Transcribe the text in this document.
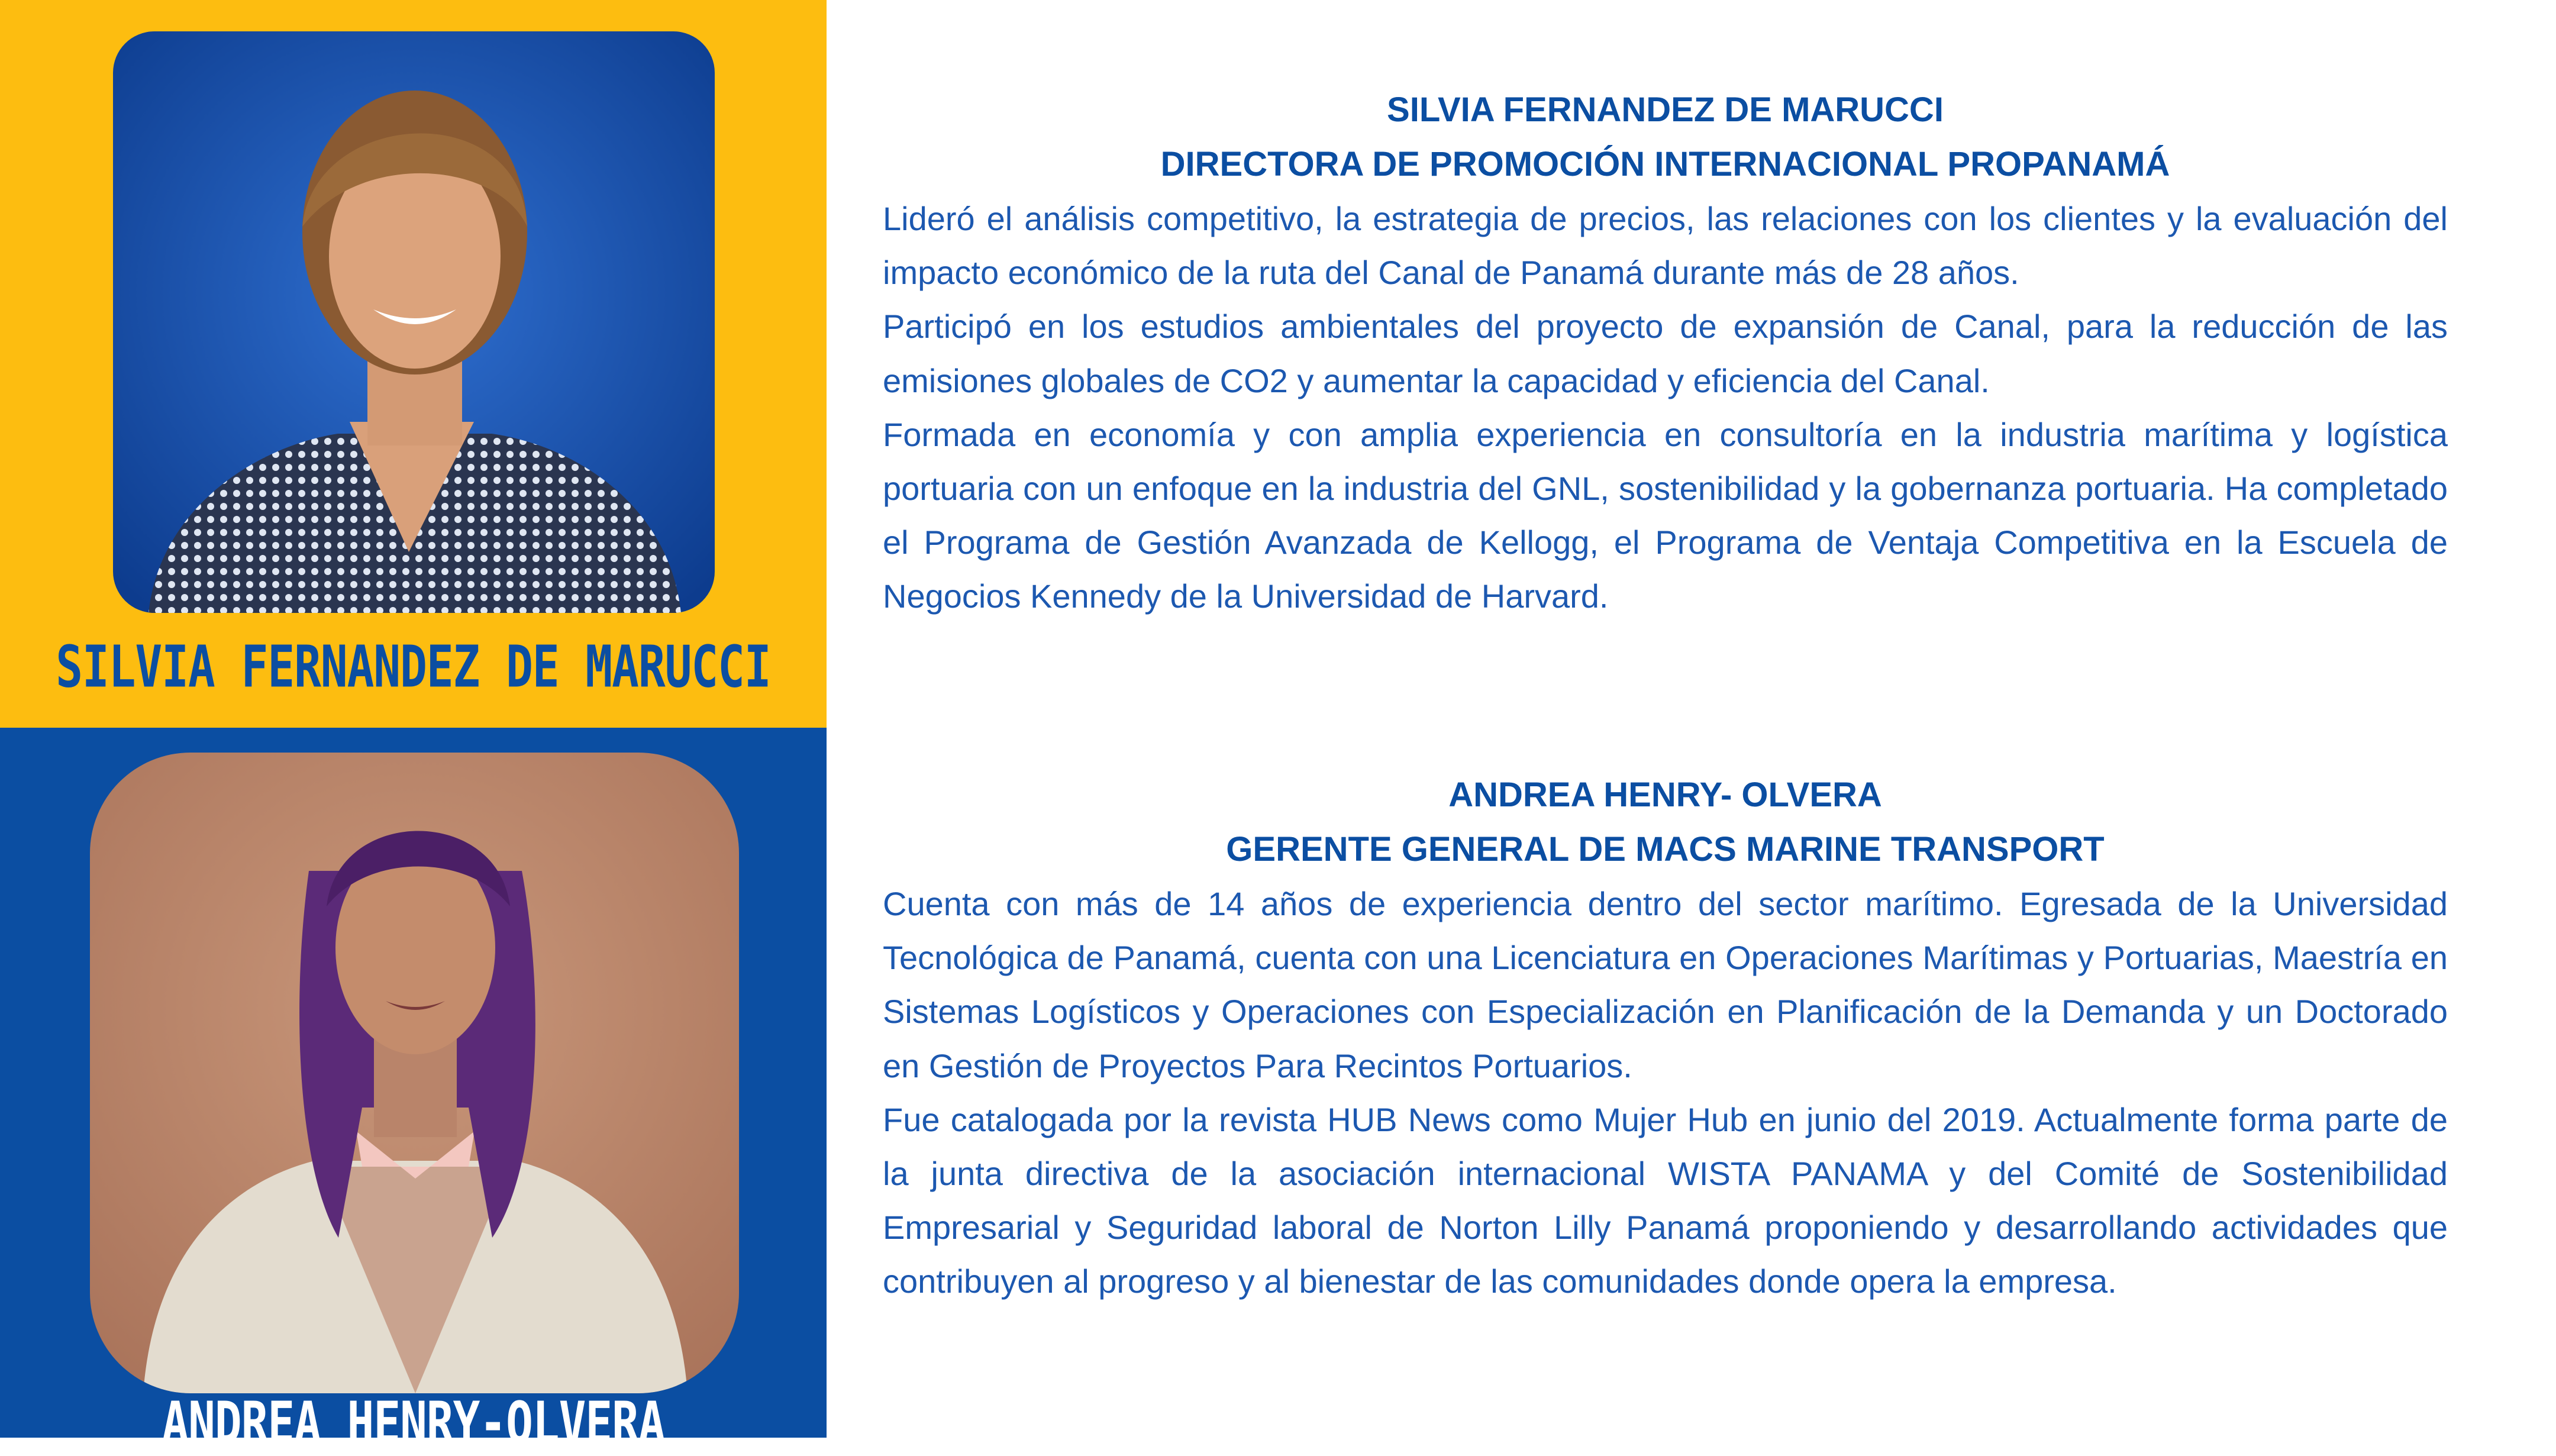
SILVIA FERNANDEZ DE MARUCCI
ANDREA HENRY-OLVERA
SILVIA FERNANDEZ DE MARUCCI
DIRECTORA DE PROMOCIÓN INTERNACIONAL PROPANAMÁ

Lideró el análisis competitivo, la estrategia de precios, las relaciones con los clientes y la evaluación del impacto económico de la ruta del Canal de Panamá durante más de 28 años.

Participó en los estudios ambientales del proyecto de expansión de Canal, para la reducción de las emisiones globales de CO2 y aumentar la capacidad y eficiencia del Canal.

Formada en economía y con amplia experiencia en consultoría en la industria marítima y logística portuaria con un enfoque en la industria del GNL, sostenibilidad y la gobernanza portuaria. Ha completado el Programa de Gestión Avanzada de Kellogg, el Programa de Ventaja Competitiva en la Escuela de Negocios Kennedy de la Universidad de Harvard.

ANDREA HENRY- OLVERA
GERENTE GENERAL DE MACS MARINE TRANSPORT

Cuenta con más de 14 años de experiencia dentro del sector marítimo. Egresada de la Universidad Tecnológica de Panamá, cuenta con una Licenciatura en Operaciones Marítimas y Portuarias, Maestría en Sistemas Logísticos y Operaciones con Especialización en Planificación de la Demanda y un Doctorado en Gestión de Proyectos Para Recintos Portuarios.

Fue catalogada por la revista HUB News como Mujer Hub en junio del 2019. Actualmente forma parte de la junta directiva de la asociación internacional WISTA PANAMA y del Comité de Sostenibilidad Empresarial y Seguridad laboral de Norton Lilly Panamá proponiendo y desarrollando actividades que contribuyen al progreso y al bienestar de las comunidades donde opera la empresa.
